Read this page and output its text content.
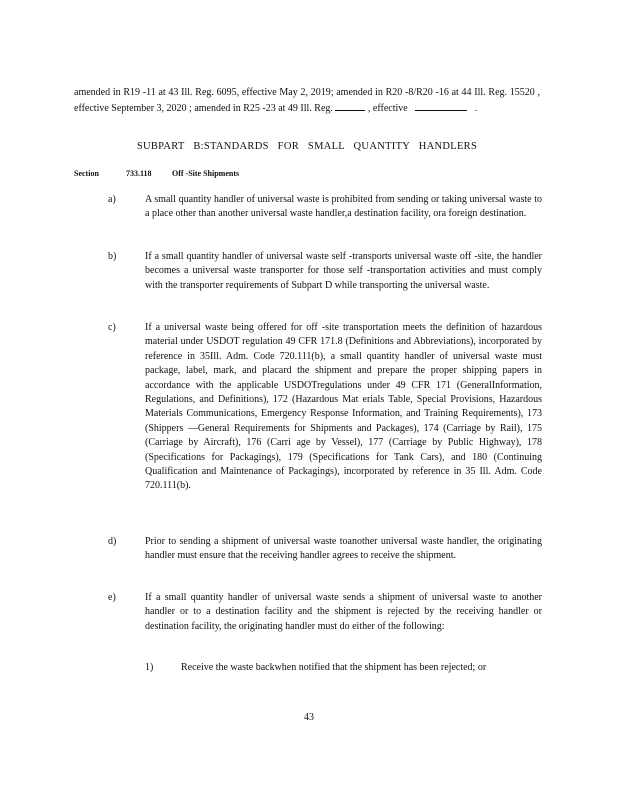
amended in R19 -11 at 43 Ill. Reg. 6095, effective May 2, 2019; amended in R20 -8/R20 -16 at 44 Ill. Reg. 15520 , effective September 3, 2020 ; amended in R25 -23 at 49 Ill. Reg.	, effective	.
SUBPART B:STANDARDS FOR SMALL QUANTITY HANDLERS
Section	733.118	Off -Site Shipments
a)	A small quantity handler of universal waste is prohibited from sending or taking universal waste to a place other than another universal waste handler,a destination facility, ora foreign destination.
b)	If a small quantity handler of universal waste self -transports universal waste off -site, the handler becomes a universal waste transporter for those self -transportation activities and must comply with the transporter requirements of Subpart D while transporting the universal waste.
c)	If a universal waste being offered for off -site transportation meets the definition of hazardous material under USDOT regulation 49 CFR 171.8 (Definitions and Abbreviations), incorporated by reference in 35Ill. Adm. Code 720.111(b), a small quantity handler of universal waste must package, label, mark, and placard the shipment and prepare the proper shipping papers in accordance with the applicable USDOTregulations under 49 CFR 171 (GeneralInformation, Regulations, and Definitions), 172 (Hazardous Mat erials Table, Special Provisions, Hazardous Materials Communications, Emergency Response Information, and Training Requirements), 173 (Shippers —General Requirements for Shipments and Packages), 174 (Carriage by Rail), 175 (Carriage by Aircraft), 176 (Carri age by Vessel), 177 (Carriage by Public Highway), 178 (Specifications for Packagings), 179 (Specifications for Tank Cars), and 180 (Continuing Qualification and Maintenance of Packagings), incorporated by reference in 35 Ill. Adm. Code 720.111(b).
d)	Prior to sending a shipment of universal waste toanother universal waste handler, the originating handler must ensure that the receiving handler agrees to receive the shipment.
e)	If a small quantity handler of universal waste sends a shipment of universal waste to another handler or to a destination facility and the shipment is rejected by the receiving handler or destination facility, the originating handler must do either of the following:
1)	Receive the waste backwhen notified that the shipment has been rejected; or
43
